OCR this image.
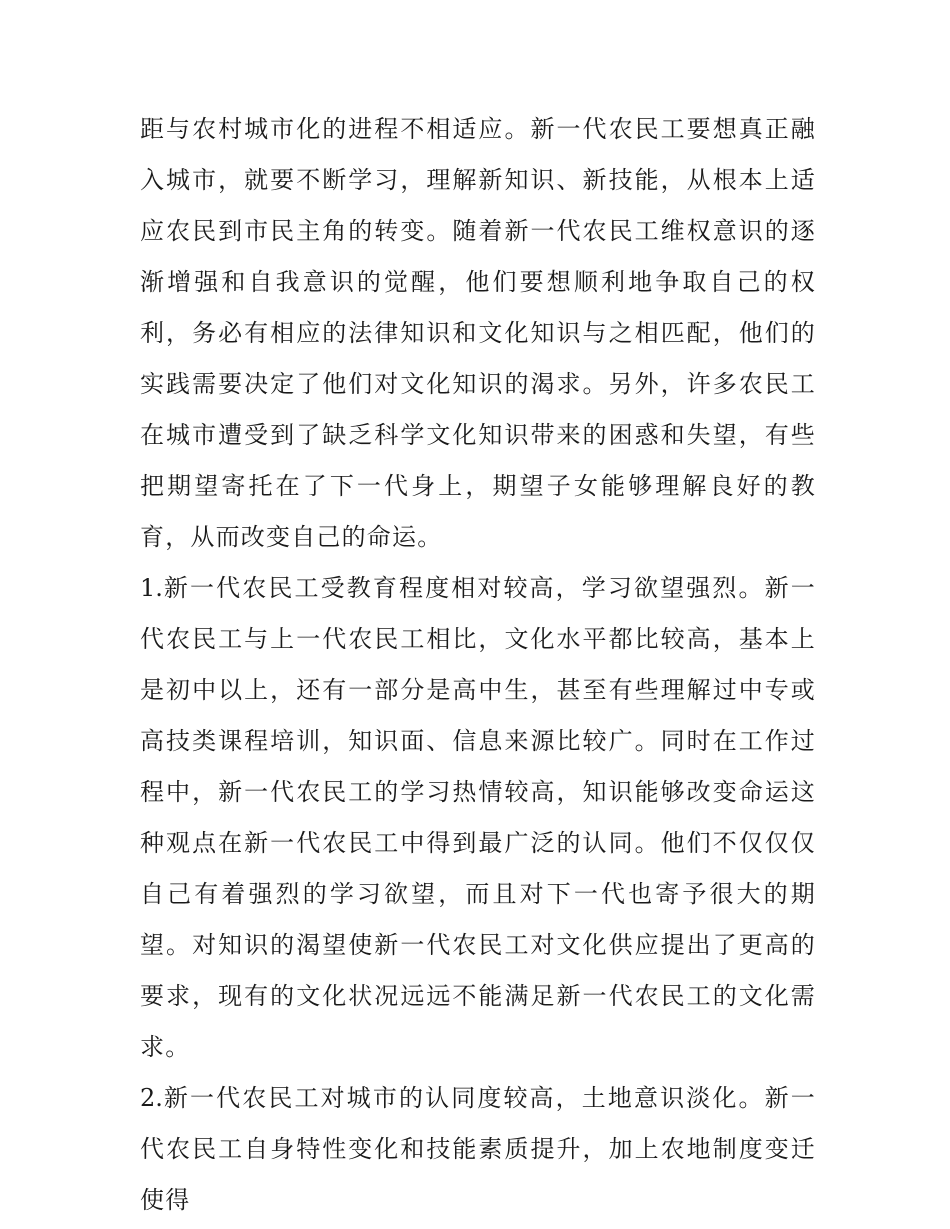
距与农村城市化的进程不相适应。新一代农民工要想真正融入城市，就要不断学习，理解新知识、新技能，从根本上适应农民到市民主角的转变。随着新一代农民工维权意识的逐渐增强和自我意识的觉醒，他们要想顺利地争取自己的权利，务必有相应的法律知识和文化知识与之相匹配，他们的实践需要决定了他们对文化知识的渴求。另外，许多农民工在城市遭受到了缺乏科学文化知识带来的困惑和失望，有些把期望寄托在了下一代身上，期望子女能够理解良好的教育，从而改变自己的命运。

1.新一代农民工受教育程度相对较高，学习欲望强烈。新一代农民工与上一代农民工相比，文化水平都比较高，基本上是初中以上，还有一部分是高中生，甚至有些理解过中专或高技类课程培训，知识面、信息来源比较广。同时在工作过程中，新一代农民工的学习热情较高，知识能够改变命运这种观点在新一代农民工中得到最广泛的认同。他们不仅仅仅自己有着强烈的学习欲望，而且对下一代也寄予很大的期望。对知识的渴望使新一代农民工对文化供应提出了更高的要求，现有的文化状况远远不能满足新一代农民工的文化需求。

2.新一代农民工对城市的认同度较高，土地意识淡化。新一代农民工自身特性变化和技能素质提升，加上农地制度变迁使得
